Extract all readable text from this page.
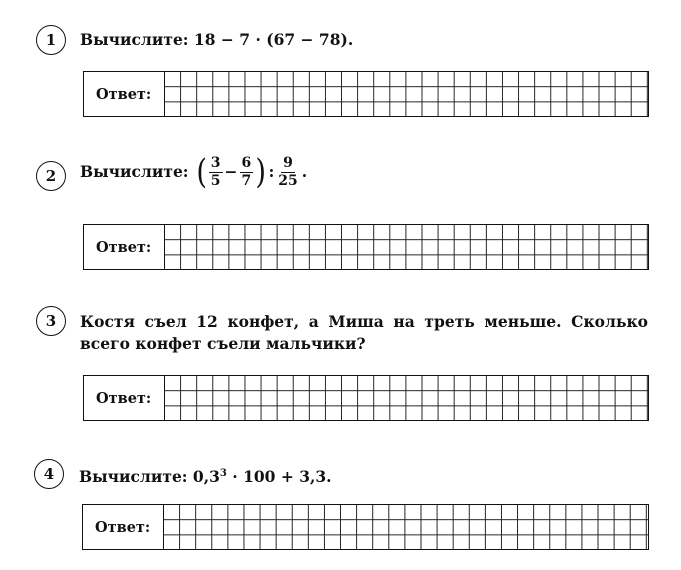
1 Вычислите: 18 − 7 · (67 − 78).
Ответ:
2 Вычислите: ( $\frac{3}{5} - \frac{6}{7}$ ) : $\frac{9}{25}$ .
Ответ:
3 Костя съел 12 конфет, а Миша на треть меньше. Сколько всего конфет съели мальчики?
Ответ:
4 Вычислите: $0,3^3 \cdot 100 + 3,3$.
Ответ:
